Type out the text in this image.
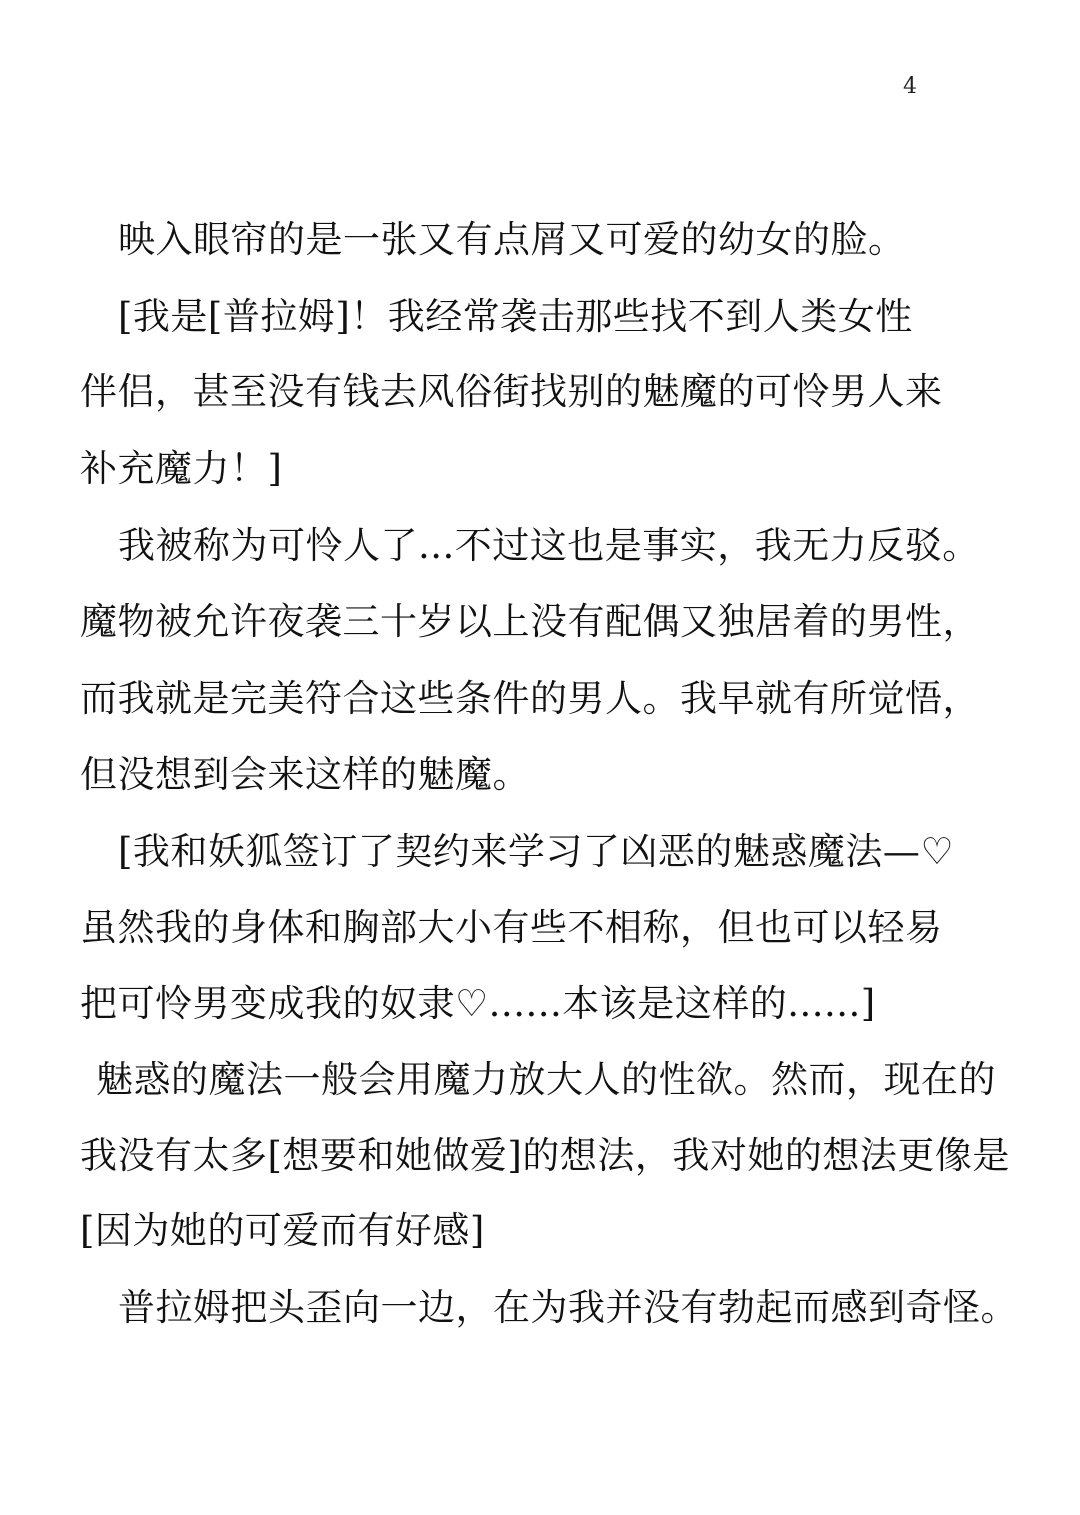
4
映入眼帘的是一张又有点屑又可爱的幼女的脸。
[我是[普拉姆]！我经常袭击那些找不到人类女性
伴侣，甚至没有钱去风俗街找别的魅魔的可怜男人来
补充魔力！]
我被称为可怜人了...不过这也是事实，我无力反驳。
魔物被允许夜袭三十岁以上没有配偶又独居着的男性，
而我就是完美符合这些条件的男人。我早就有所觉悟，
但没想到会来这样的魅魔。
[我和妖狐签订了契约来学习了凶恶的魅惑魔法—♡
虽然我的身体和胸部大小有些不相称，但也可以轻易
把可怜男变成我的奴隶♡......本该是这样的......]
魅惑的魔法一般会用魔力放大人的性欲。然而，现在的
我没有太多[想要和她做爱]的想法，我对她的想法更像是
[因为她的可爱而有好感]
普拉姆把头歪向一边，在为我并没有勃起而感到奇怪。
